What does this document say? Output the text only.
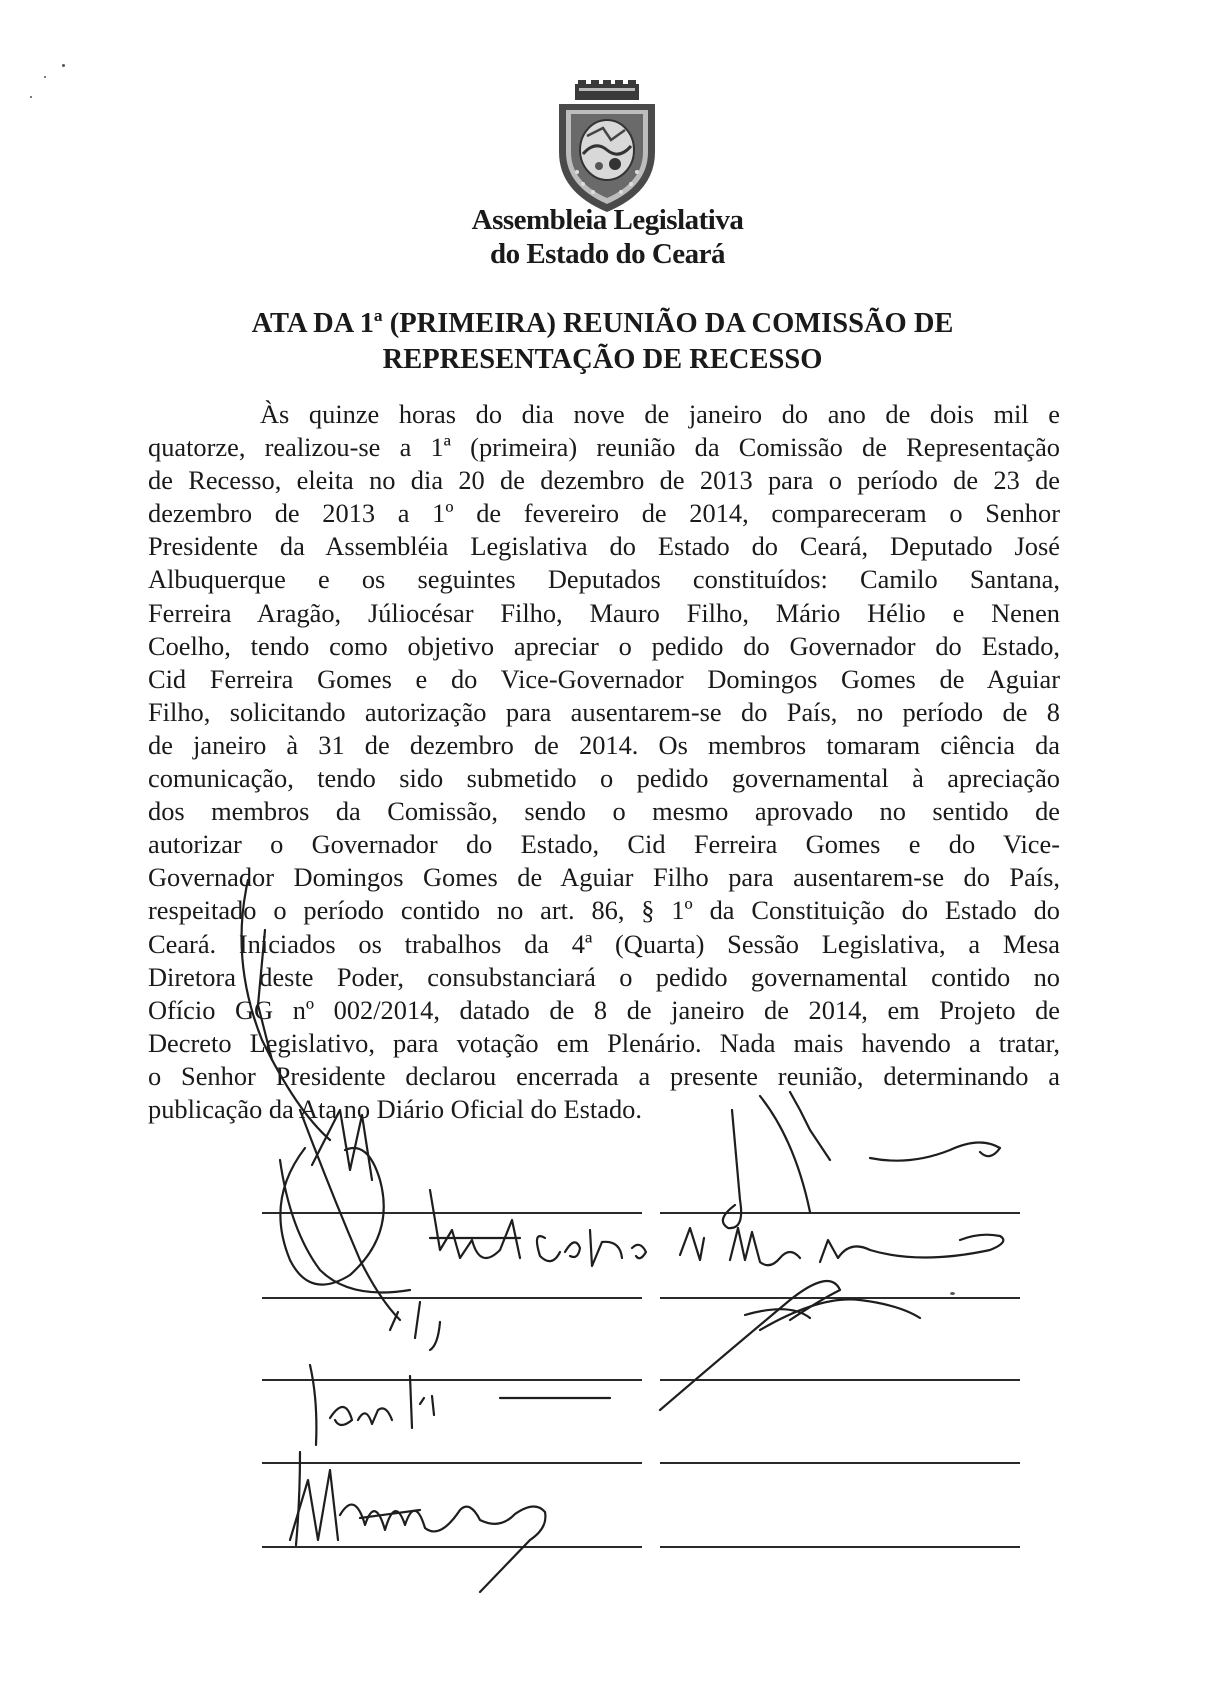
Assembleia Legislativa
do Estado do Ceará
ATA DA 1ª (PRIMEIRA) REUNIÃO DA COMISSÃO DE
REPRESENTAÇÃO DE RECESSO
Às quinze horas do dia nove de janeiro do ano de dois mil e
quatorze, realizou-se a 1ª (primeira) reunião da Comissão de Representação
de Recesso, eleita no dia 20 de dezembro de 2013 para o período de 23 de
dezembro de 2013 a 1º de fevereiro de 2014, compareceram o Senhor
Presidente da Assembléia Legislativa do Estado do Ceará, Deputado José
Albuquerque e os seguintes Deputados constituídos: Camilo Santana,
Ferreira Aragão, Júliocésar Filho, Mauro Filho, Mário Hélio e Nenen
Coelho, tendo como objetivo apreciar o pedido do Governador do Estado,
Cid Ferreira Gomes e do Vice-Governador Domingos Gomes de Aguiar
Filho, solicitando autorização para ausentarem-se do País, no período de 8
de janeiro à 31 de dezembro de 2014. Os membros tomaram ciência da
comunicação, tendo sido submetido o pedido governamental à apreciação
dos membros da Comissão, sendo o mesmo aprovado no sentido de
autorizar o Governador do Estado, Cid Ferreira Gomes e do Vice-
Governador Domingos Gomes de Aguiar Filho para ausentarem-se do País,
respeitado o período contido no art. 86, § 1º da Constituição do Estado do
Ceará. Iniciados os trabalhos da 4ª (Quarta) Sessão Legislativa, a Mesa
Diretora deste Poder, consubstanciará o pedido governamental contido no
Ofício GG nº 002/2014, datado de 8 de janeiro de 2014, em Projeto de
Decreto Legislativo, para votação em Plenário. Nada mais havendo a tratar,
o Senhor Presidente declarou encerrada a presente reunião, determinando a
publicação da Ata no Diário Oficial do Estado.
